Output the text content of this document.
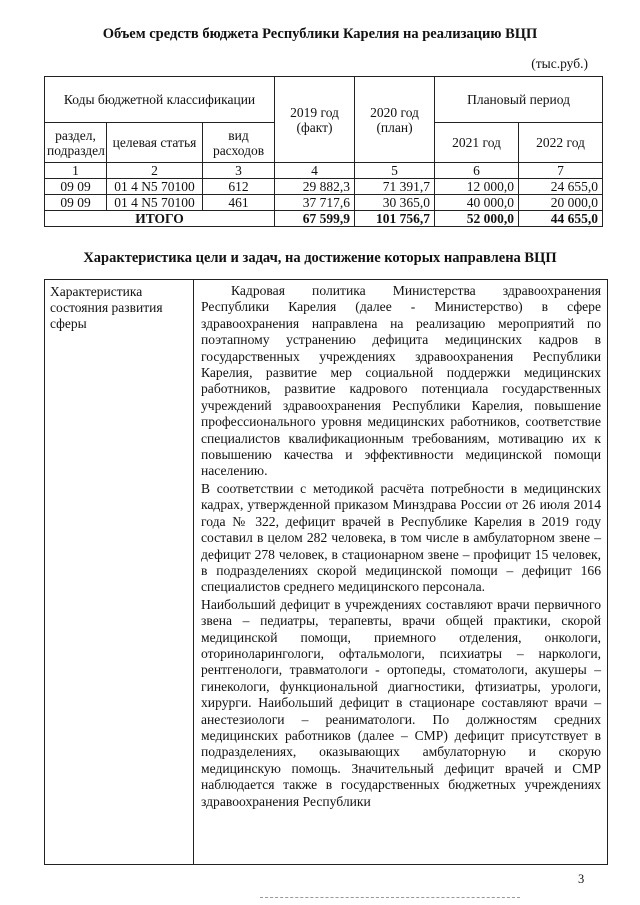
Объем средств бюджета Республики Карелия на реализацию ВЦП
(тыс.руб.)
Коды бюджетной классификации			2019 год (факт)	2020 год (план)	Плановый период	
раздел, подраздел	целевая статья	вид расходов			2021 год	2022 год
1	2	3	4	5	6	7
09 09	01 4 N5 70100	612	29 882,3	71 391,7	12 000,0	24 655,0
09 09	01 4 N5 70100	461	37 717,6	30 365,0	40 000,0	20 000,0
ИТОГО			67 599,9	101 756,7	52 000,0	44 655,0
Характеристика цели и задач, на достижение которых направлена ВЦП
Характеристика состояния развития сферы

Кадровая политика Министерства здравоохранения Республики Карелия (далее - Министерство) в сфере здравоохранения направлена на реализацию мероприятий по поэтапному устранению дефицита медицинских кадров в государственных учреждениях здравоохранения Республики Карелия, развитие мер социальной поддержки медицинских работников, развитие кадрового потенциала государственных учреждений здравоохранения Республики Карелия, повышение профессионального уровня медицинских работников, соответствие специалистов квалификационным требованиям, мотивацию их к повышению качества и эффективности медицинской помощи населению.

В соответствии с методикой расчёта потребности в медицинских кадрах, утвержденной приказом Минздрава России от 26 июля 2014 года № 322, дефицит врачей в Республике Карелия в 2019 году составил в целом 282 человека, в том числе в амбулаторном звене – дефицит 278 человек, в стационарном звене – профицит 15 человек, в подразделениях скорой медицинской помощи – дефицит 166 специалистов среднего медицинского персонала.

Наибольший дефицит в учреждениях составляют врачи первичного звена – педиатры, терапевты, врачи общей практики, скорой медицинской помощи, приемного отделения, онкологи, оториноларингологи, офтальмологи, психиатры – наркологи, рентгенологи, травматологи - ортопеды, стоматологи, акушеры – гинекологи, функциональной диагностики, фтизиатры, урологи, хирурги. Наибольший дефицит в стационаре составляют врачи – анестезиологи – реаниматологи. По должностям средних медицинских работников (далее – СМР) дефицит присутствует в подразделениях, оказывающих амбулаторную и скорую медицинскую помощь. Значительный дефицит врачей и СМР наблюдается также в государственных бюджетных учреждениях здравоохранения Республики

3
